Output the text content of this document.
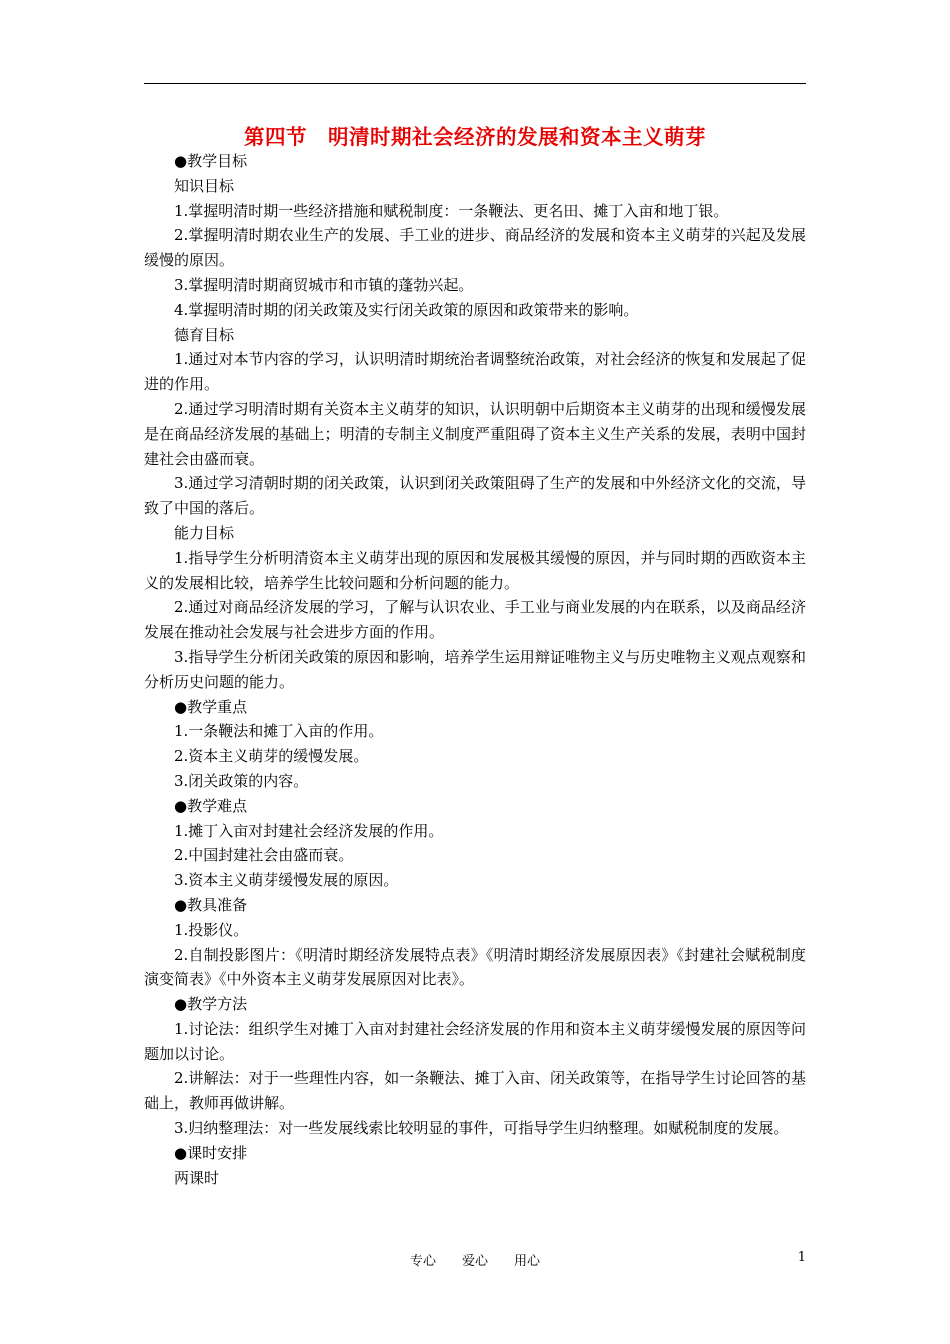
第四节　明清时期社会经济的发展和资本主义萌芽

●教学目标

知识目标

1.掌握明清时期一些经济措施和赋税制度：一条鞭法、更名田、摊丁入亩和地丁银。

2.掌握明清时期农业生产的发展、手工业的进步、商品经济的发展和资本主义萌芽的兴起及发展缓慢的原因。

3.掌握明清时期商贸城市和市镇的蓬勃兴起。

4.掌握明清时期的闭关政策及实行闭关政策的原因和政策带来的影响。

德育目标

1.通过对本节内容的学习，认识明清时期统治者调整统治政策，对社会经济的恢复和发展起了促进的作用。

2.通过学习明清时期有关资本主义萌芽的知识，认识明朝中后期资本主义萌芽的出现和缓慢发展是在商品经济发展的基础上；明清的专制主义制度严重阻碍了资本主义生产关系的发展，表明中国封建社会由盛而衰。

3.通过学习清朝时期的闭关政策，认识到闭关政策阻碍了生产的发展和中外经济文化的交流，导致了中国的落后。

能力目标

1.指导学生分析明清资本主义萌芽出现的原因和发展极其缓慢的原因，并与同时期的西欧资本主义的发展相比较，培养学生比较问题和分析问题的能力。

2.通过对商品经济发展的学习，了解与认识农业、手工业与商业发展的内在联系，以及商品经济发展在推动社会发展与社会进步方面的作用。

3.指导学生分析闭关政策的原因和影响，培养学生运用辩证唯物主义与历史唯物主义观点观察和分析历史问题的能力。

●教学重点

1.一条鞭法和摊丁入亩的作用。

2.资本主义萌芽的缓慢发展。

3.闭关政策的内容。

●教学难点

1.摊丁入亩对封建社会经济发展的作用。

2.中国封建社会由盛而衰。

3.资本主义萌芽缓慢发展的原因。

●教具准备

1.投影仪。

2.自制投影图片：《明清时期经济发展特点表》《明清时期经济发展原因表》《封建社会赋税制度演变简表》《中外资本主义萌芽发展原因对比表》。

●教学方法

1.讨论法：组织学生对摊丁入亩对封建社会经济发展的作用和资本主义萌芽缓慢发展的原因等问题加以讨论。

2.讲解法：对于一些理性内容，如一条鞭法、摊丁入亩、闭关政策等，在指导学生讨论回答的基础上，教师再做讲解。

3.归纳整理法：对一些发展线索比较明显的事件，可指导学生归纳整理。如赋税制度的发展。

●课时安排

两课时

专心　　爱心　　用心	1
